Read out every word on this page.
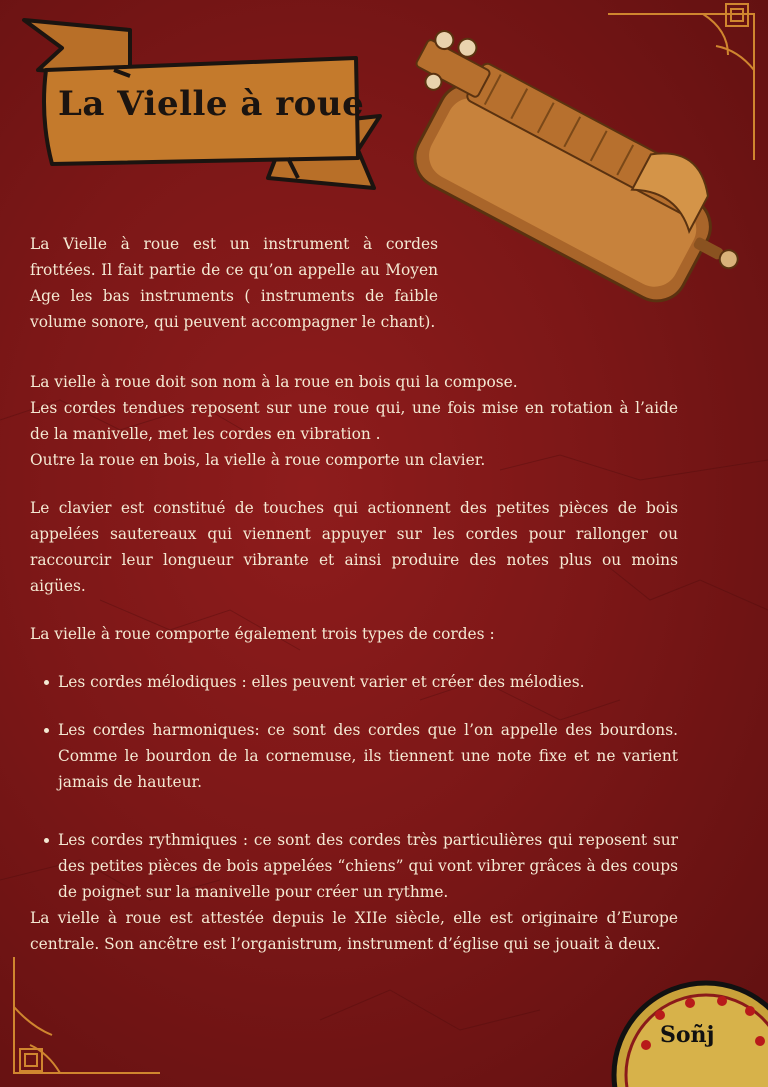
La Vielle à roue

La Vielle à roue est un instrument à cordes frottées. Il fait partie de ce qu’on appelle au Moyen Age les bas instruments ( instruments de faible volume sonore, qui peuvent accompagner le chant).

La vielle à roue doit son nom à la roue en bois qui la compose.

Les cordes tendues reposent sur une roue qui, une fois mise en rotation à l’aide de la manivelle, met les cordes en vibration .

Outre la roue en bois, la vielle à roue comporte un clavier.

Le clavier est constitué de touches qui actionnent des petites pièces de bois appelées sautereaux qui viennent appuyer sur les cordes pour rallonger ou raccourcir leur longueur vibrante et ainsi produire des notes plus ou moins aigües.

La vielle à roue comporte également trois types de cordes :

Les cordes mélodiques : elles peuvent varier et créer des mélodies.
Les cordes harmoniques: ce sont des cordes que l’on appelle des bourdons. Comme le bourdon de la cornemuse, ils tiennent une note fixe et ne varient jamais de hauteur.
Les cordes rythmiques : ce sont des cordes très particulières qui reposent sur des petites pièces de bois appelées “chiens” qui vont vibrer grâces à des coups de poignet sur la manivelle pour créer un rythme.

La vielle à roue est attestée depuis le XIIe siècle, elle est originaire d’Europe centrale. Son ancêtre est l’organistrum, instrument d’église qui se jouait à deux.

Soñj
